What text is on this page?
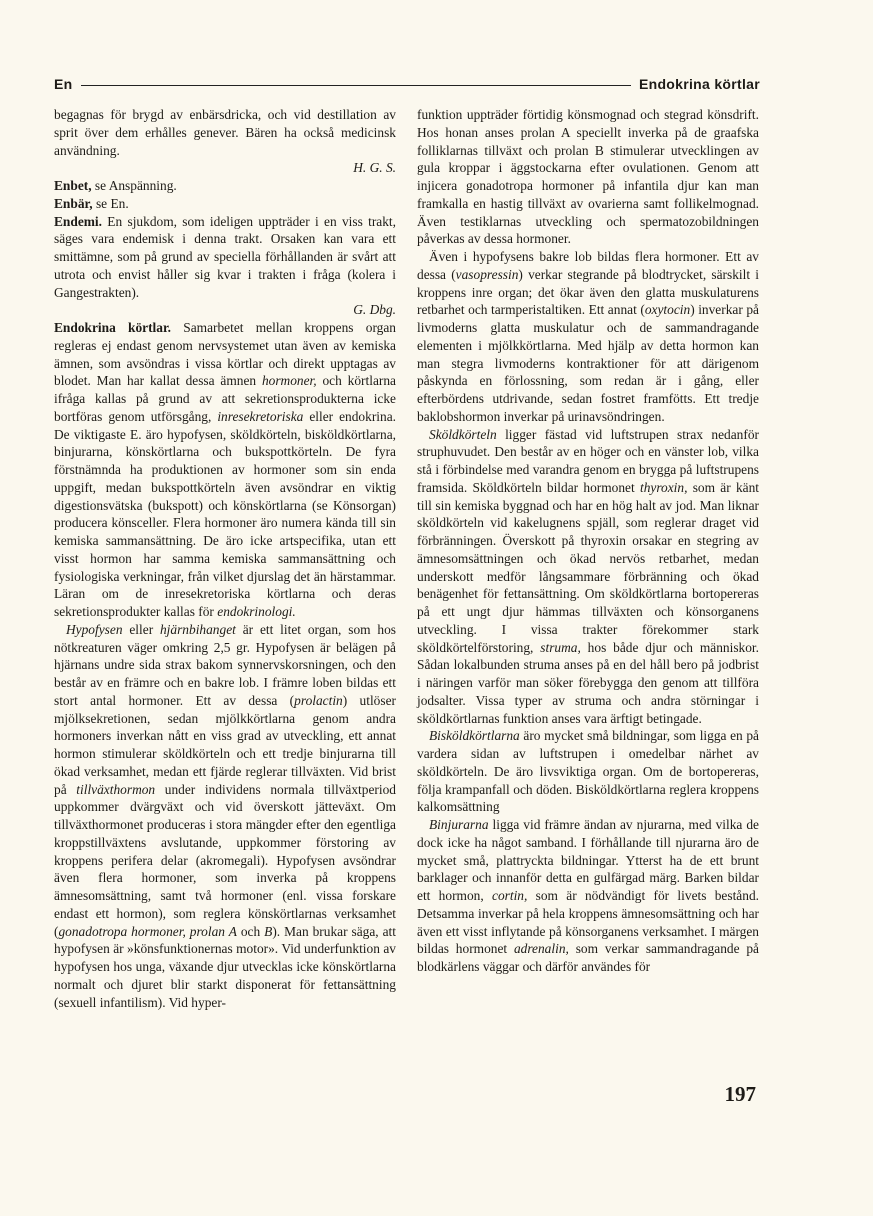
En	Endokrina körtlar

begagnas för brygd av enbärsdricka, och vid destillation av sprit över dem erhålles genever. Bären ha också medicinsk användning.
H. G. S.

Enbet, se Anspänning.

Enbär, se En.

Endemi. En sjukdom, som ideligen uppträder i en viss trakt, säges vara endemisk i denna trakt. Orsaken kan vara ett smittämne, som på grund av speciella förhållanden är svårt att utrota och envist håller sig kvar i trakten i fråga (kolera i Gangestrakten).
G. Dbg.

Endokrina körtlar. Samarbetet mellan kroppens organ regleras ej endast genom nervsystemet utan även av kemiska ämnen, som avsöndras i vissa körtlar och direkt upptagas av blodet. Man har kallat dessa ämnen hormoner, och körtlarna ifråga kallas på grund av att sekretionsprodukterna icke bortföras genom utförsgång, inresekretoriska eller endokrina. De viktigaste E. äro hypofysen, sköldkörteln, bisköldkörtlarna, binjurarna, könskörtlarna och bukspottkörteln. De fyra förstnämnda ha produktionen av hormoner som sin enda uppgift, medan bukspottkörteln även avsöndrar en viktig digestionsvätska (bukspott) och könskörtlarna (se Könsorgan) producera könsceller. Flera hormoner äro numera kända till sin kemiska sammansättning. De äro icke artspecifika, utan ett visst hormon har samma kemiska sammansättning och fysiologiska verkningar, från vilket djurslag det än härstammar. Läran om de inresekretoriska körtlarna och deras sekretionsprodukter kallas för endokrinologi.

Hypofysen eller hjärnbihanget är ett litet organ, som hos nötkreaturen väger omkring 2,5 gr. Hypofysen är belägen på hjärnans undre sida strax bakom synnervskorsningen, och den består av en främre och en bakre lob. I främre loben bildas ett stort antal hormoner. Ett av dessa (prolactin) utlöser mjölksekretionen, sedan mjölkkörtlarna genom andra hormoners inverkan nått en viss grad av utveckling, ett annat hormon stimulerar sköldkörteln och ett tredje binjurarna till ökad verksamhet, medan ett fjärde reglerar tillväxten. Vid brist på tillväxthormon under individens normala tillväxtperiod uppkommer dvärgväxt och vid överskott jätteväxt. Om tillväxthormonet produceras i stora mängder efter den egentliga kroppstillväxtens avslutande, uppkommer förstoring av kroppens perifera delar (akromegali). Hypofysen avsöndrar även flera hormoner, som inverka på kroppens ämnesomsättning, samt två hormoner (enl. vissa forskare endast ett hormon), som reglera könskörtlarnas verksamhet (gonadotropa hormoner, prolan A och B). Man brukar säga, att hypofysen är »könsfunktionernas motor». Vid underfunktion av hypofysen hos unga, växande djur utvecklas icke könskörtlarna normalt och djuret blir starkt disponerat för fettansättning (sexuell infantilism). Vid hyper-

funktion uppträder förtidig könsmognad och stegrad könsdrift. Hos honan anses prolan A speciellt inverka på de graafska folliklarnas tillväxt och prolan B stimulerar utvecklingen av gula kroppar i äggstockarna efter ovulationen. Genom att injicera gonadotropa hormoner på infantila djur kan man framkalla en hastig tillväxt av ovarierna samt follikelmognad. Även testiklarnas utveckling och spermatozobildningen påverkas av dessa hormoner.

Även i hypofysens bakre lob bildas flera hormoner. Ett av dessa (vasopressin) verkar stegrande på blodtrycket, särskilt i kroppens inre organ; det ökar även den glatta muskulaturens retbarhet och tarmperistaltiken. Ett annat (oxytocin) inverkar på livmoderns glatta muskulatur och de sammandragande elementen i mjölkkörtlarna. Med hjälp av detta hormon kan man stegra livmoderns kontraktioner för att därigenom påskynda en förlossning, som redan är i gång, eller efterbördens utdrivande, sedan fostret framfötts. Ett tredje baklobshormon inverkar på urinavsöndringen.

Sköldkörteln ligger fästad vid luftstrupen strax nedanför struphuvudet. Den består av en höger och en vänster lob, vilka stå i förbindelse med varandra genom en brygga på luftstrupens framsida. Sköldkörteln bildar hormonet thyroxin, som är känt till sin kemiska byggnad och har en hög halt av jod. Man liknar sköldkörteln vid kakelugnens spjäll, som reglerar draget vid förbränningen. Överskott på thyroxin orsakar en stegring av ämnesomsättningen och ökad nervös retbarhet, medan underskott medför långsammare förbränning och ökad benägenhet för fettansättning. Om sköldkörtlarna bortopereras på ett ungt djur hämmas tillväxten och könsorganens utveckling. I vissa trakter förekommer stark sköldkörtelförstoring, struma, hos både djur och människor. Sådan lokalbunden struma anses på en del håll bero på jodbrist i näringen varför man söker förebygga den genom att tillföra jodsalter. Vissa typer av struma och andra störningar i sköldkörtlarnas funktion anses vara ärftigt betingade.

Bisköldkörtlarna äro mycket små bildningar, som ligga en på vardera sidan av luftstrupen i omedelbar närhet av sköldkörteln. De äro livsviktiga organ. Om de bortopereras, följa krampanfall och döden. Bisköldkörtlarna reglera kroppens kalkomsättning

Binjurarna ligga vid främre ändan av njurarna, med vilka de dock icke ha något samband. I förhållande till njurarna äro de mycket små, plattryckta bildningar. Ytterst ha de ett brunt barklager och innanför detta en gulfärgad märg. Barken bildar ett hormon, cortin, som är nödvändigt för livets bestånd. Detsamma inverkar på hela kroppens ämnesomsättning och har även ett visst inflytande på könsorganens verksamhet. I märgen bildas hormonet adrenalin, som verkar sammandragande på blodkärlens väggar och därför användes för

197
